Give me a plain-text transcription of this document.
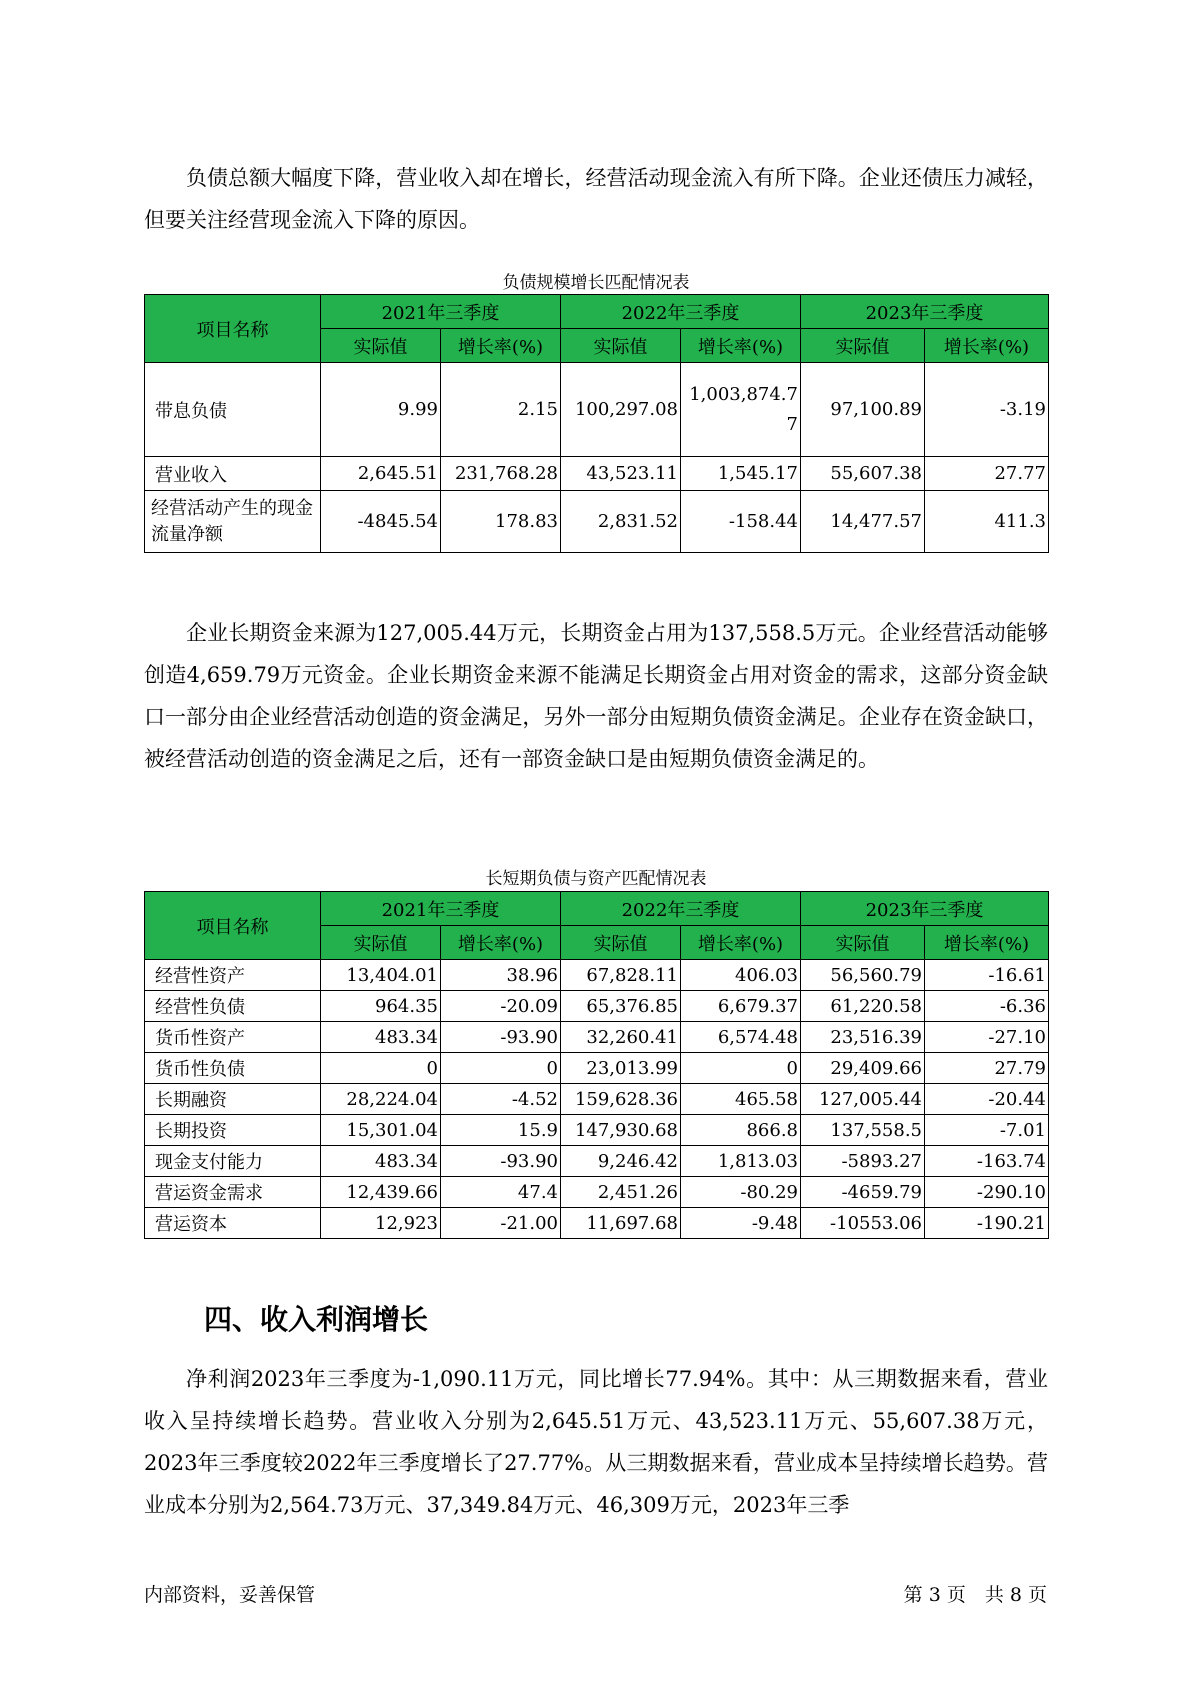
负债总额大幅度下降，营业收入却在增长，经营活动现金流入有所下降。企业还债压力减轻，但要关注经营现金流入下降的原因。

负债规模增长匹配情况表

项目名称	2021年三季度		2022年三季度		2023年三季度	
	实际值	增长率(%)	实际值	增长率(%)	实际值	增长率(%)
带息负债	9.99	2.15	100,297.08	1,003,874.77	97,100.89	-3.19
营业收入	2,645.51	231,768.28	43,523.11	1,545.17	55,607.38	27.77
经营活动产生的现金流量净额	-4845.54	178.83	2,831.52	-158.44	14,477.57	411.3

企业长期资金来源为127,005.44万元，长期资金占用为137,558.5万元。企业经营活动能够创造4,659.79万元资金。企业长期资金来源不能满足长期资金占用对资金的需求，这部分资金缺口一部分由企业经营活动创造的资金满足，另外一部分由短期负债资金满足。企业存在资金缺口，被经营活动创造的资金满足之后，还有一部资金缺口是由短期负债资金满足的。

长短期负债与资产匹配情况表

项目名称	2021年三季度		2022年三季度		2023年三季度	
	实际值	增长率(%)	实际值	增长率(%)	实际值	增长率(%)
经营性资产	13,404.01	38.96	67,828.11	406.03	56,560.79	-16.61
经营性负债	964.35	-20.09	65,376.85	6,679.37	61,220.58	-6.36
货币性资产	483.34	-93.90	32,260.41	6,574.48	23,516.39	-27.10
货币性负债	0	0	23,013.99	0	29,409.66	27.79
长期融资	28,224.04	-4.52	159,628.36	465.58	127,005.44	-20.44
长期投资	15,301.04	15.9	147,930.68	866.8	137,558.5	-7.01
现金支付能力	483.34	-93.90	9,246.42	1,813.03	-5893.27	-163.74
营运资金需求	12,439.66	47.4	2,451.26	-80.29	-4659.79	-290.10
营运资本	12,923	-21.00	11,697.68	-9.48	-10553.06	-190.21
四、收入利润增长

净利润2023年三季度为-1,090.11万元，同比增长77.94%。其中：从三期数据来看，营业收入呈持续增长趋势。营业收入分别为2,645.51万元、43,523.11万元、55,607.38万元，2023年三季度较2022年三季度增长了27.77%。从三期数据来看，营业成本呈持续增长趋势。营业成本分别为2,564.73万元、37,349.84万元、46,309万元，2023年三季

内部资料，妥善保管	第 3 页　共 8 页
